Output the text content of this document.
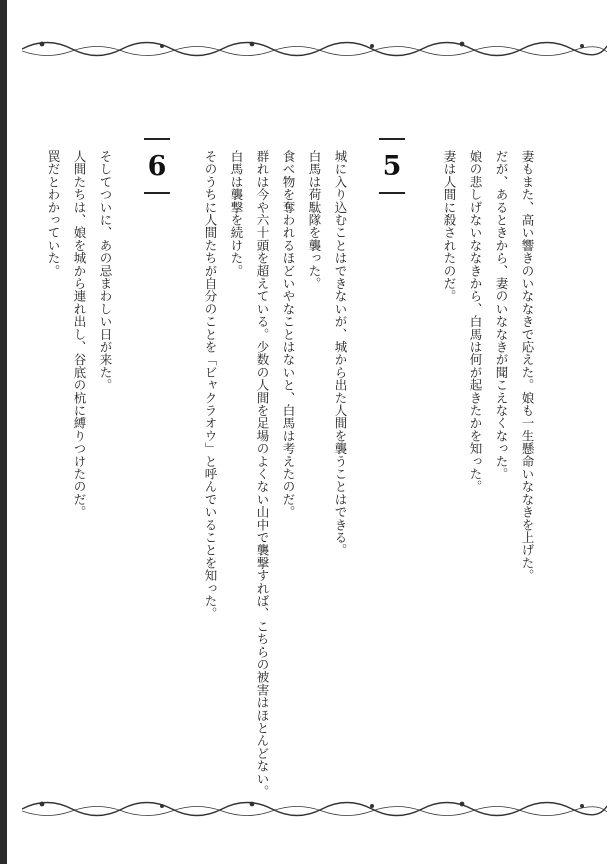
妻もまた、高い響きのいななきで応えた。娘も一生懸命いななきを上げた。
だが、あるときから、妻のいななきが聞こえなくなった。
娘の悲しげないななきから、白馬は何が起きたかを知った。
妻は人間に殺されたのだ。
5
城に入り込むことはできないが、城から出た人間を襲うことはできる。
白馬は荷駄隊を襲った。
食べ物を奪われるほどいやなことはないと、白馬は考えたのだ。
群れは今や六十頭を超えている。少数の人間を足場のよくない山中で襲撃すれば、こちらの被害はほとんどない。
白馬は襲撃を続けた。
そのうちに人間たちが自分のことを「ビャクラオウ」と呼んでいることを知った。
6
そしてついに、あの忌まわしい日が来た。
人間たちは、娘を城から連れ出し、谷底の杭に縛りつけたのだ。
罠だとわかっていた。
